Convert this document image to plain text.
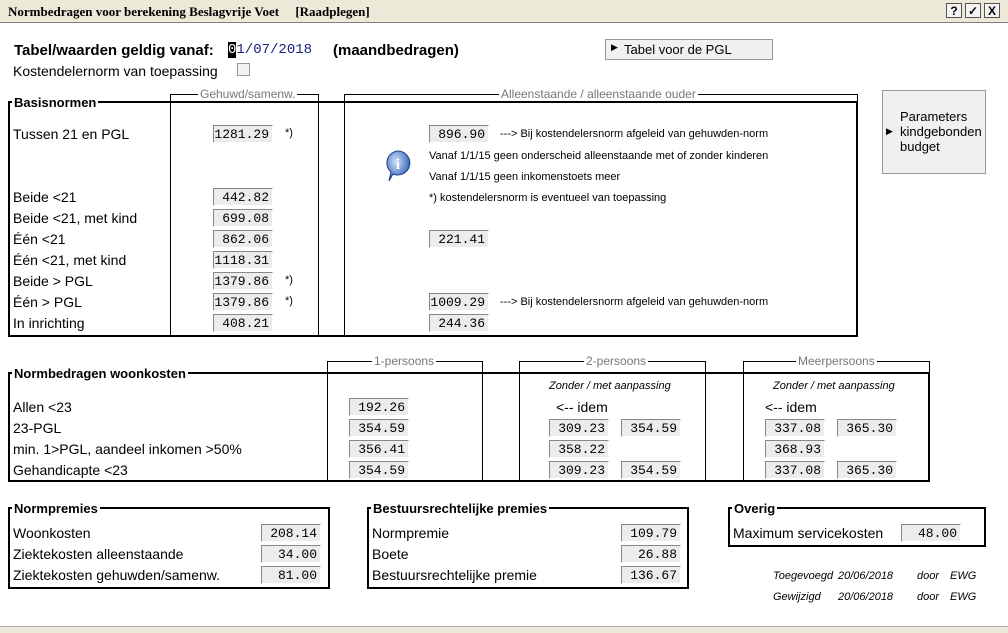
Normbedragen voor berekening Beslagvrije Voet [Raadplegen]	? ✓ X
Tabel/waarden geldig vanaf: 01/07/2018 (maandbedragen)
Kostendelernorm van toepassing
▶ Tabel voor de PGL
▶
Parameters
kindgebonden
budget
Basisnormen
Gehuwd/samenw.	Alleenstaande / alleenstaande ouder
Tussen 21 en PGL	1281.29	*)	896.90	---> Bij kostendelersnorm afgeleid van gehuwden-norm
i
Vanaf 1/1/15 geen onderscheid alleenstaande met of zonder kinderen
Vanaf 1/1/15 geen inkomenstoets meer
*) kostendelersnorm is eventueel van toepassing
Beide <21	442.82
Beide <21, met kind	699.08
Één <21	862.06	221.41
Één <21, met kind	1118.31
Beide > PGL	1379.86	*)
Één > PGL	1379.86	*)	1009.29	---> Bij kostendelersnorm afgeleid van gehuwden-norm
In inrichting	408.21	244.36
Normbedragen woonkosten
1-persoons	2-persoons	Meerpersoons
Zonder / met aanpassing	Zonder / met aanpassing
Allen <23	192.26	<-- idem	<-- idem
23-PGL	354.59	309.23	354.59	337.08	365.30
min. 1>PGL, aandeel inkomen >50%	356.41	358.22	368.93
Gehandicapte <23	354.59	309.23	354.59	337.08	365.30
Normpremies
Woonkosten	208.14
Ziektekosten alleenstaande	34.00
Ziektekosten gehuwden/samenw.	81.00
Bestuursrechtelijke premies
Normpremie	109.79
Boete	26.88
Bestuursrechtelijke premie	136.67
Overig
Maximum servicekosten	48.00
Toegevoegd 20/06/2018 door EWG
Gewijzigd 20/06/2018 door EWG
